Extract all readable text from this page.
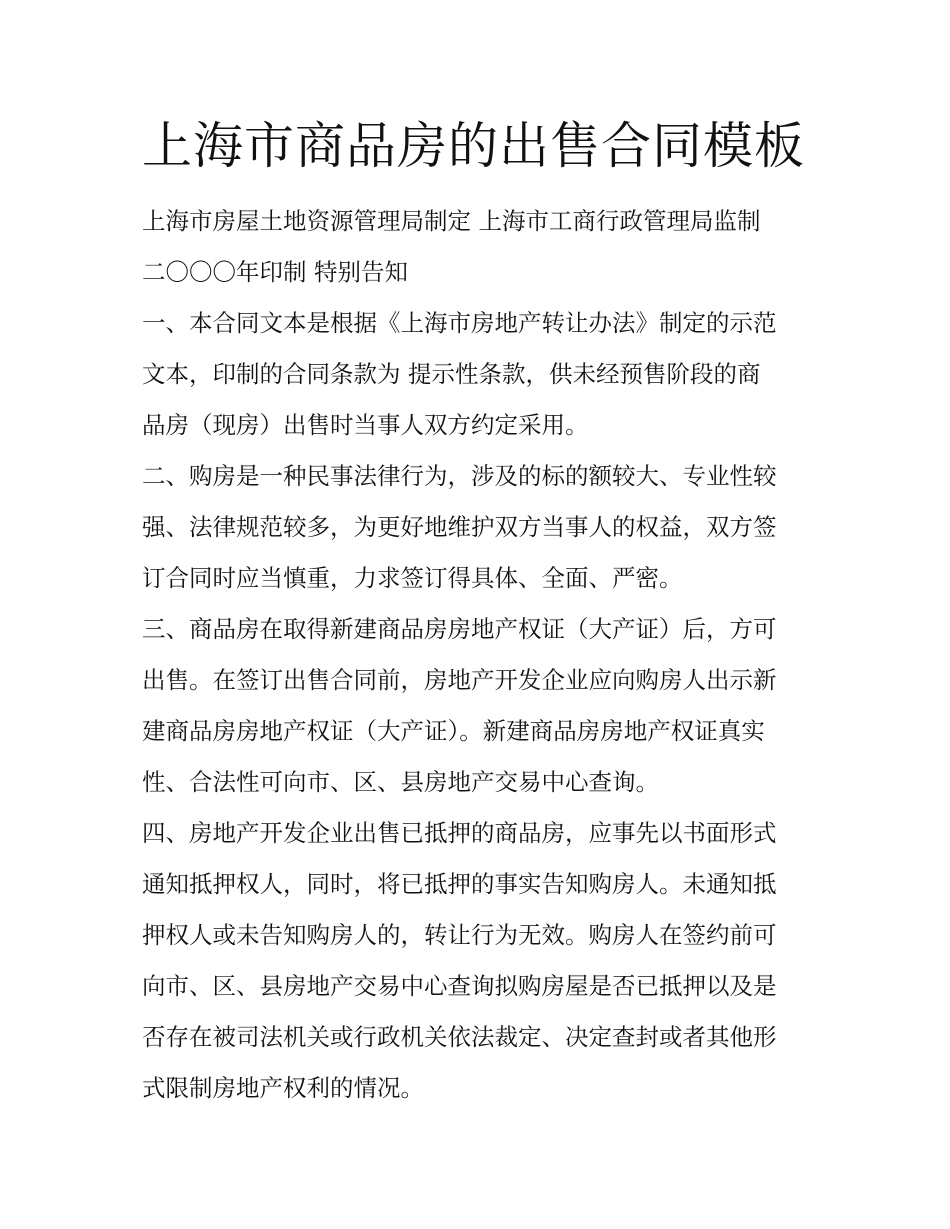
上海市商品房的出售合同模板
上海市房屋土地资源管理局制定 上海市工商行政管理局监制
二〇〇〇年印制 特别告知
一、本合同文本是根据《上海市房地产转让办法》制定的示范
文本，印制的合同条款为 提示性条款，供未经预售阶段的商
品房（现房）出售时当事人双方约定采用。
二、购房是一种民事法律行为，涉及的标的额较大、专业性较
强、法律规范较多，为更好地维护双方当事人的权益，双方签
订合同时应当慎重，力求签订得具体、全面、严密。
三、商品房在取得新建商品房房地产权证（大产证）后，方可
出售。在签订出售合同前，房地产开发企业应向购房人出示新
建商品房房地产权证（大产证）。新建商品房房地产权证真实
性、合法性可向市、区、县房地产交易中心查询。
四、房地产开发企业出售已抵押的商品房，应事先以书面形式
通知抵押权人，同时，将已抵押的事实告知购房人。未通知抵
押权人或未告知购房人的，转让行为无效。购房人在签约前可
向市、区、县房地产交易中心查询拟购房屋是否已抵押以及是
否存在被司法机关或行政机关依法裁定、决定查封或者其他形
式限制房地产权利的情况。
